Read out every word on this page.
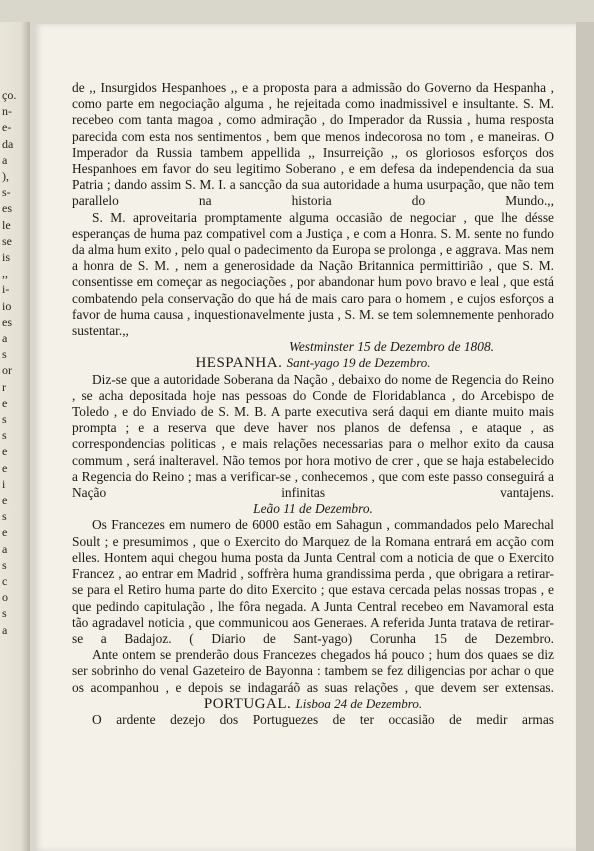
ço.
n-
e-
da
a
),
s-
es
le
se
is
,,
i-
io
es
a
s
or
r
e
s
s
e
e
i
e
s
e
a
s
c
o
s
a

de ,, Insurgidos Hespanhoes ,, e a proposta para a admissão do Governo da Hespanha , como parte em negociação alguma , he rejeitada como inadmissivel e insultante. S. M. recebeo com tanta magoa , como admiração , do Imperador da Russia , huma resposta parecida com esta nos sentimentos , bem que menos indecorosa no tom , e maneiras. O Imperador da Russia tambem appellida ,, Insurreição ,, os gloriosos esforços dos Hespanhoes em favor do seu legitimo Soberano , e em defesa da independencia da sua Patria ; dando assim S. M. I. a sancção da sua autoridade a huma usurpação, que não tem parallelo na historia do Mundo.,,

S. M. aproveitaria promptamente alguma occasião de negociar , que lhe désse esperanças de huma paz compativel com a Justiça , e com a Honra. S. M. sente no fundo da alma hum exito , pelo qual o padecimento da Europa se prolonga , e aggrava. Mas nem a honra de S. M. , nem a generosidade da Nação Britannica permittirião , que S. M. consentisse em começar as negociações , por abandonar hum povo bravo e leal , que está combatendo pela conservação do que há de mais caro para o homem , e cujos esforços a favor de huma causa , inquestionavelmente justa , S. M. se tem solemnemente penhorado sustentar.,,

Westminster 15 de Dezembro de 1808.

HESPANHA. Sant-yago 19 de Dezembro.

Diz-se que a autoridade Soberana da Nação , debaixo do nome de Regencia do Reino , se acha depositada hoje nas pessoas do Conde de Floridablanca , do Arcebispo de Toledo , e do Enviado de S. M. B. A parte executiva será daqui em diante muito mais prompta ; e a reserva que deve haver nos planos de defensa , e ataque , as correspondencias politicas , e mais relações necessarias para o melhor exito da causa commum , será inalteravel. Não temos por hora motivo de crer , que se haja estabelecido a Regencia do Reino ; mas a verificar-se , conhecemos , que com este passo conseguirá a Nação infinitas vantajens.

Leão 11 de Dezembro.

Os Francezes em numero de 6000 estão em Sahagun , commandados pelo Marechal Soult ; e presumimos , que o Exercito do Marquez de la Romana entrará em acção com elles. Hontem aqui chegou huma posta da Junta Central com a noticia de que o Exercito Francez , ao entrar em Madrid , soffrèra huma grandissima perda , que obrigara a retirar-se para el Retiro huma parte do dito Exercito ; que estava cercada pelas nossas tropas , e que pedindo capitulação , lhe fôra negada. A Junta Central recebeo em Navamoral esta tão agradavel noticia , que communicou aos Generaes. A referida Junta tratava de retirar-se a Badajoz. ( Diario de Sant-yago) Corunha 15 de Dezembro.

Ante ontem se prenderão dous Francezes chegados há pouco ; hum dos quaes se diz ser sobrinho do venal Gazeteiro de Bayonna : tambem se fez diligencias por achar o que os acompanhou , e depois se indagaráõ as suas relações , que devem ser extensas.

PORTUGAL. Lisboa 24 de Dezembro.

O ardente dezejo dos Portuguezes de ter occasião de medir armas
